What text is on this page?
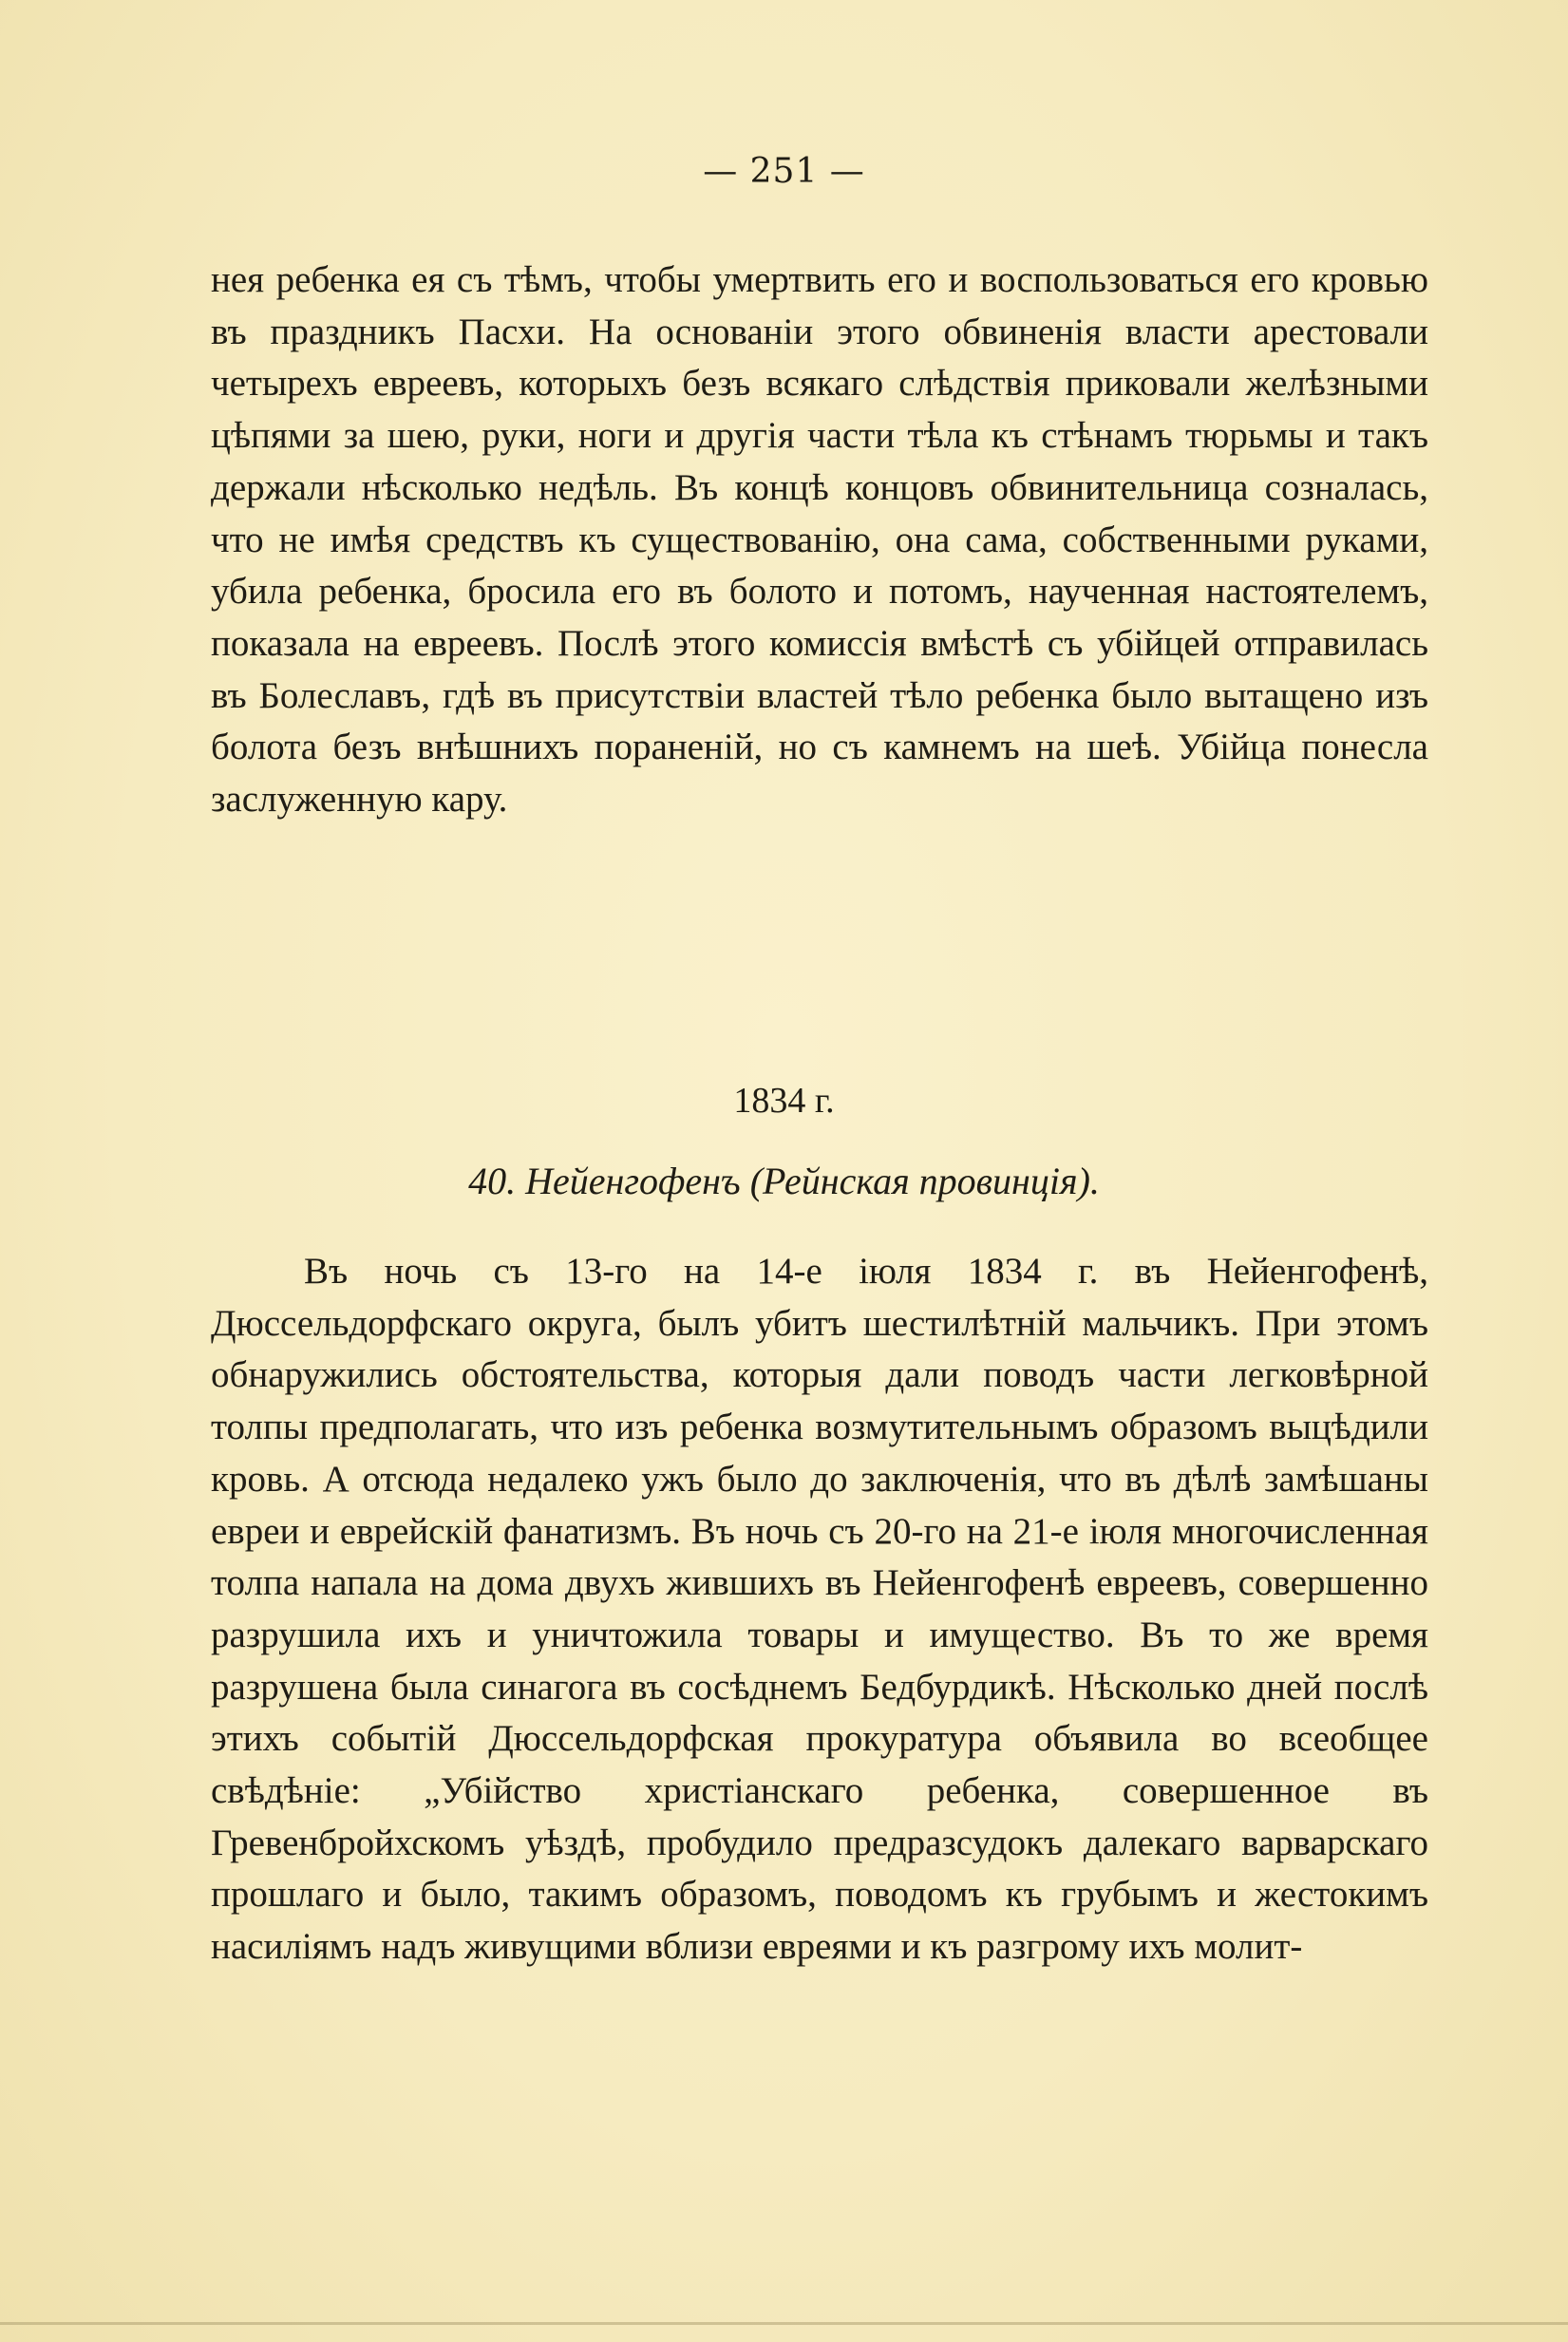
— 251 —
нея ребенка ея съ тѣмъ, чтобы умертвить его и воспользоваться его кровью въ праздникъ Пасхи. На основанiи этого обвиненiя власти арестовали четырехъ евреевъ, которыхъ безъ всякаго слѣдствiя приковали желѣзными цѣпями за шею, руки, ноги и другiя части тѣла къ стѣнамъ тюрьмы и такъ держали нѣсколько недѣль. Въ концѣ концовъ обвинительница созналась, что не имѣя средствъ къ существованiю, она сама, собственными руками, убила ребенка, бросила его въ болото и потомъ, наученная настоятелемъ, показала на евреевъ. Послѣ этого комиссiя вмѣстѣ съ убiйцей отправилась въ Болеславъ, гдѣ въ присутствiи властей тѣло ребенка было вытащено изъ болота безъ внѣшнихъ пораненiй, но съ камнемъ на шеѣ. Убiйца понесла заслуженную кару.
1834 г.
40. Нейенгофенъ (Рейнская провинцiя).
Въ ночь съ 13-го на 14-е iюля 1834 г. въ Нейенгофенѣ, Дюссельдорфскаго округа, былъ убитъ шестилѣтнiй мальчикъ. При этомъ обнаружились обстоятельства, которыя дали поводъ части легковѣрной толпы предполагать, что изъ ребенка возмутительнымъ образомъ выцѣдили кровь. А отсюда недалеко ужъ было до заключенiя, что въ дѣлѣ замѣшаны евреи и еврейскiй фанатизмъ. Въ ночь съ 20-го на 21-е iюля многочисленная толпа напала на дома двухъ жившихъ въ Нейенгофенѣ евреевъ, совершенно разрушила ихъ и уничтожила товары и имущество. Въ то же время разрушена была синагога въ сосѣднемъ Бедбурдикѣ. Нѣсколько дней послѣ этихъ событiй Дюссельдорфская прокуратура объявила во всеобщее свѣдѣнiе: „Убiйство христiанскаго ребенка, совершенное въ Гревенбройхскомъ уѣздѣ, пробудило предразсудокъ далекаго варварскаго прошлаго и было, такимъ образомъ, поводомъ къ грубымъ и жестокимъ насилiямъ надъ живущими вблизи евреями и къ разгрому ихъ молит-
